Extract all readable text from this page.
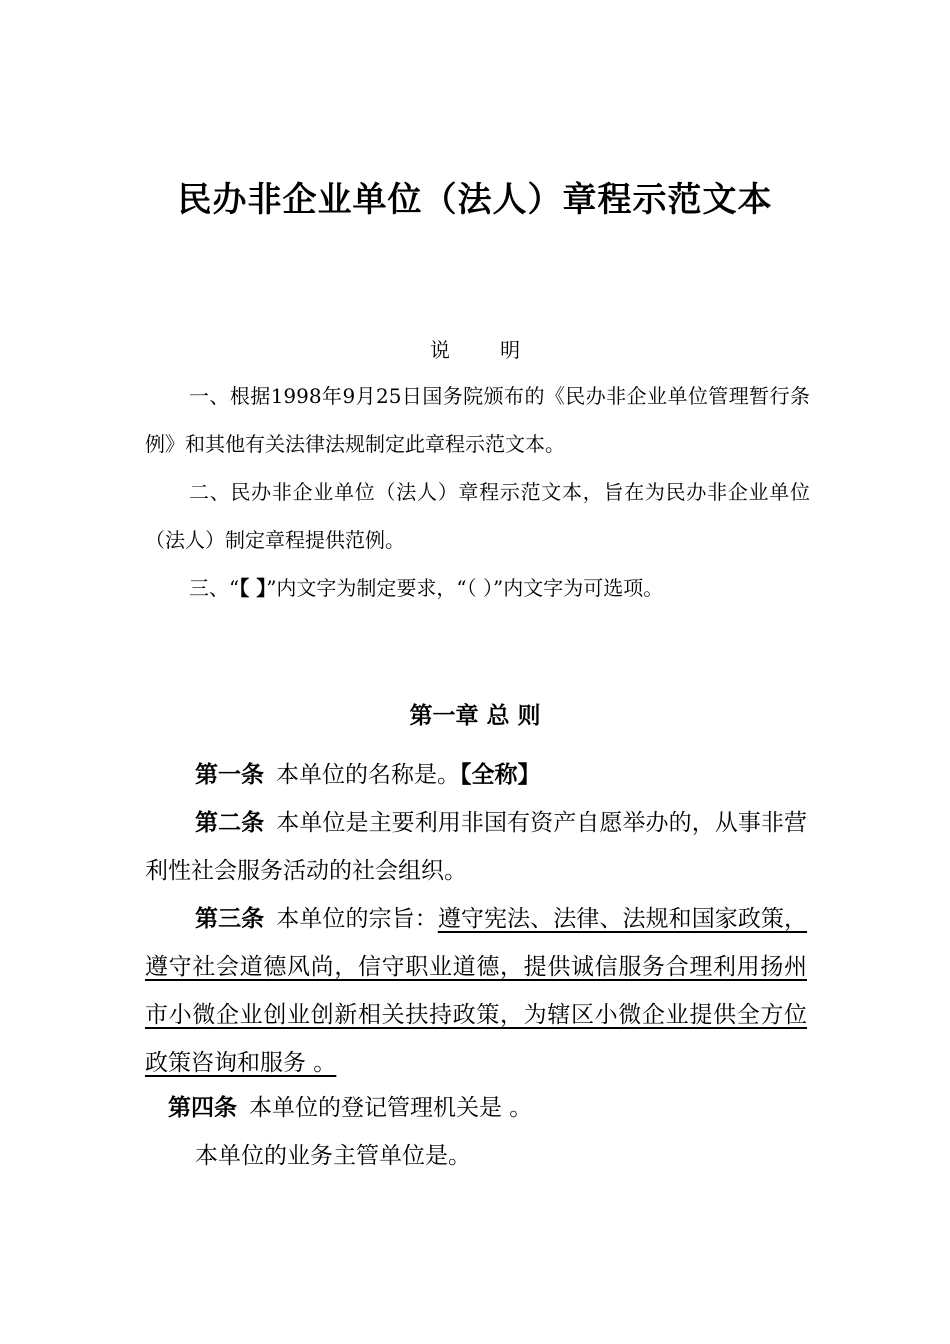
民办非企业单位（法人）章程示范文本
说 明
一、根据1998年9月25日国务院颁布的《民办非企业单位管理暂行条例》和其他有关法律法规制定此章程示范文本。
二、民办非企业单位（法人）章程示范文本，旨在为民办非企业单位（法人）制定章程提供范例。
三、“【 】”内文字为制定要求，“（ ）”内文字为可选项。
第一章 总 则
第一条 本单位的名称是。【全称】
第二条 本单位是主要利用非国有资产自愿举办的，从事非营利性社会服务活动的社会组织。
第三条 本单位的宗旨：遵守宪法、法律、法规和国家政策，遵守社会道德风尚，信守职业道德，提供诚信服务合理利用扬州市小微企业创业创新相关扶持政策，为辖区小微企业提供全方位政策咨询和服务 。
第四条 本单位的登记管理机关是 。
本单位的业务主管单位是。
